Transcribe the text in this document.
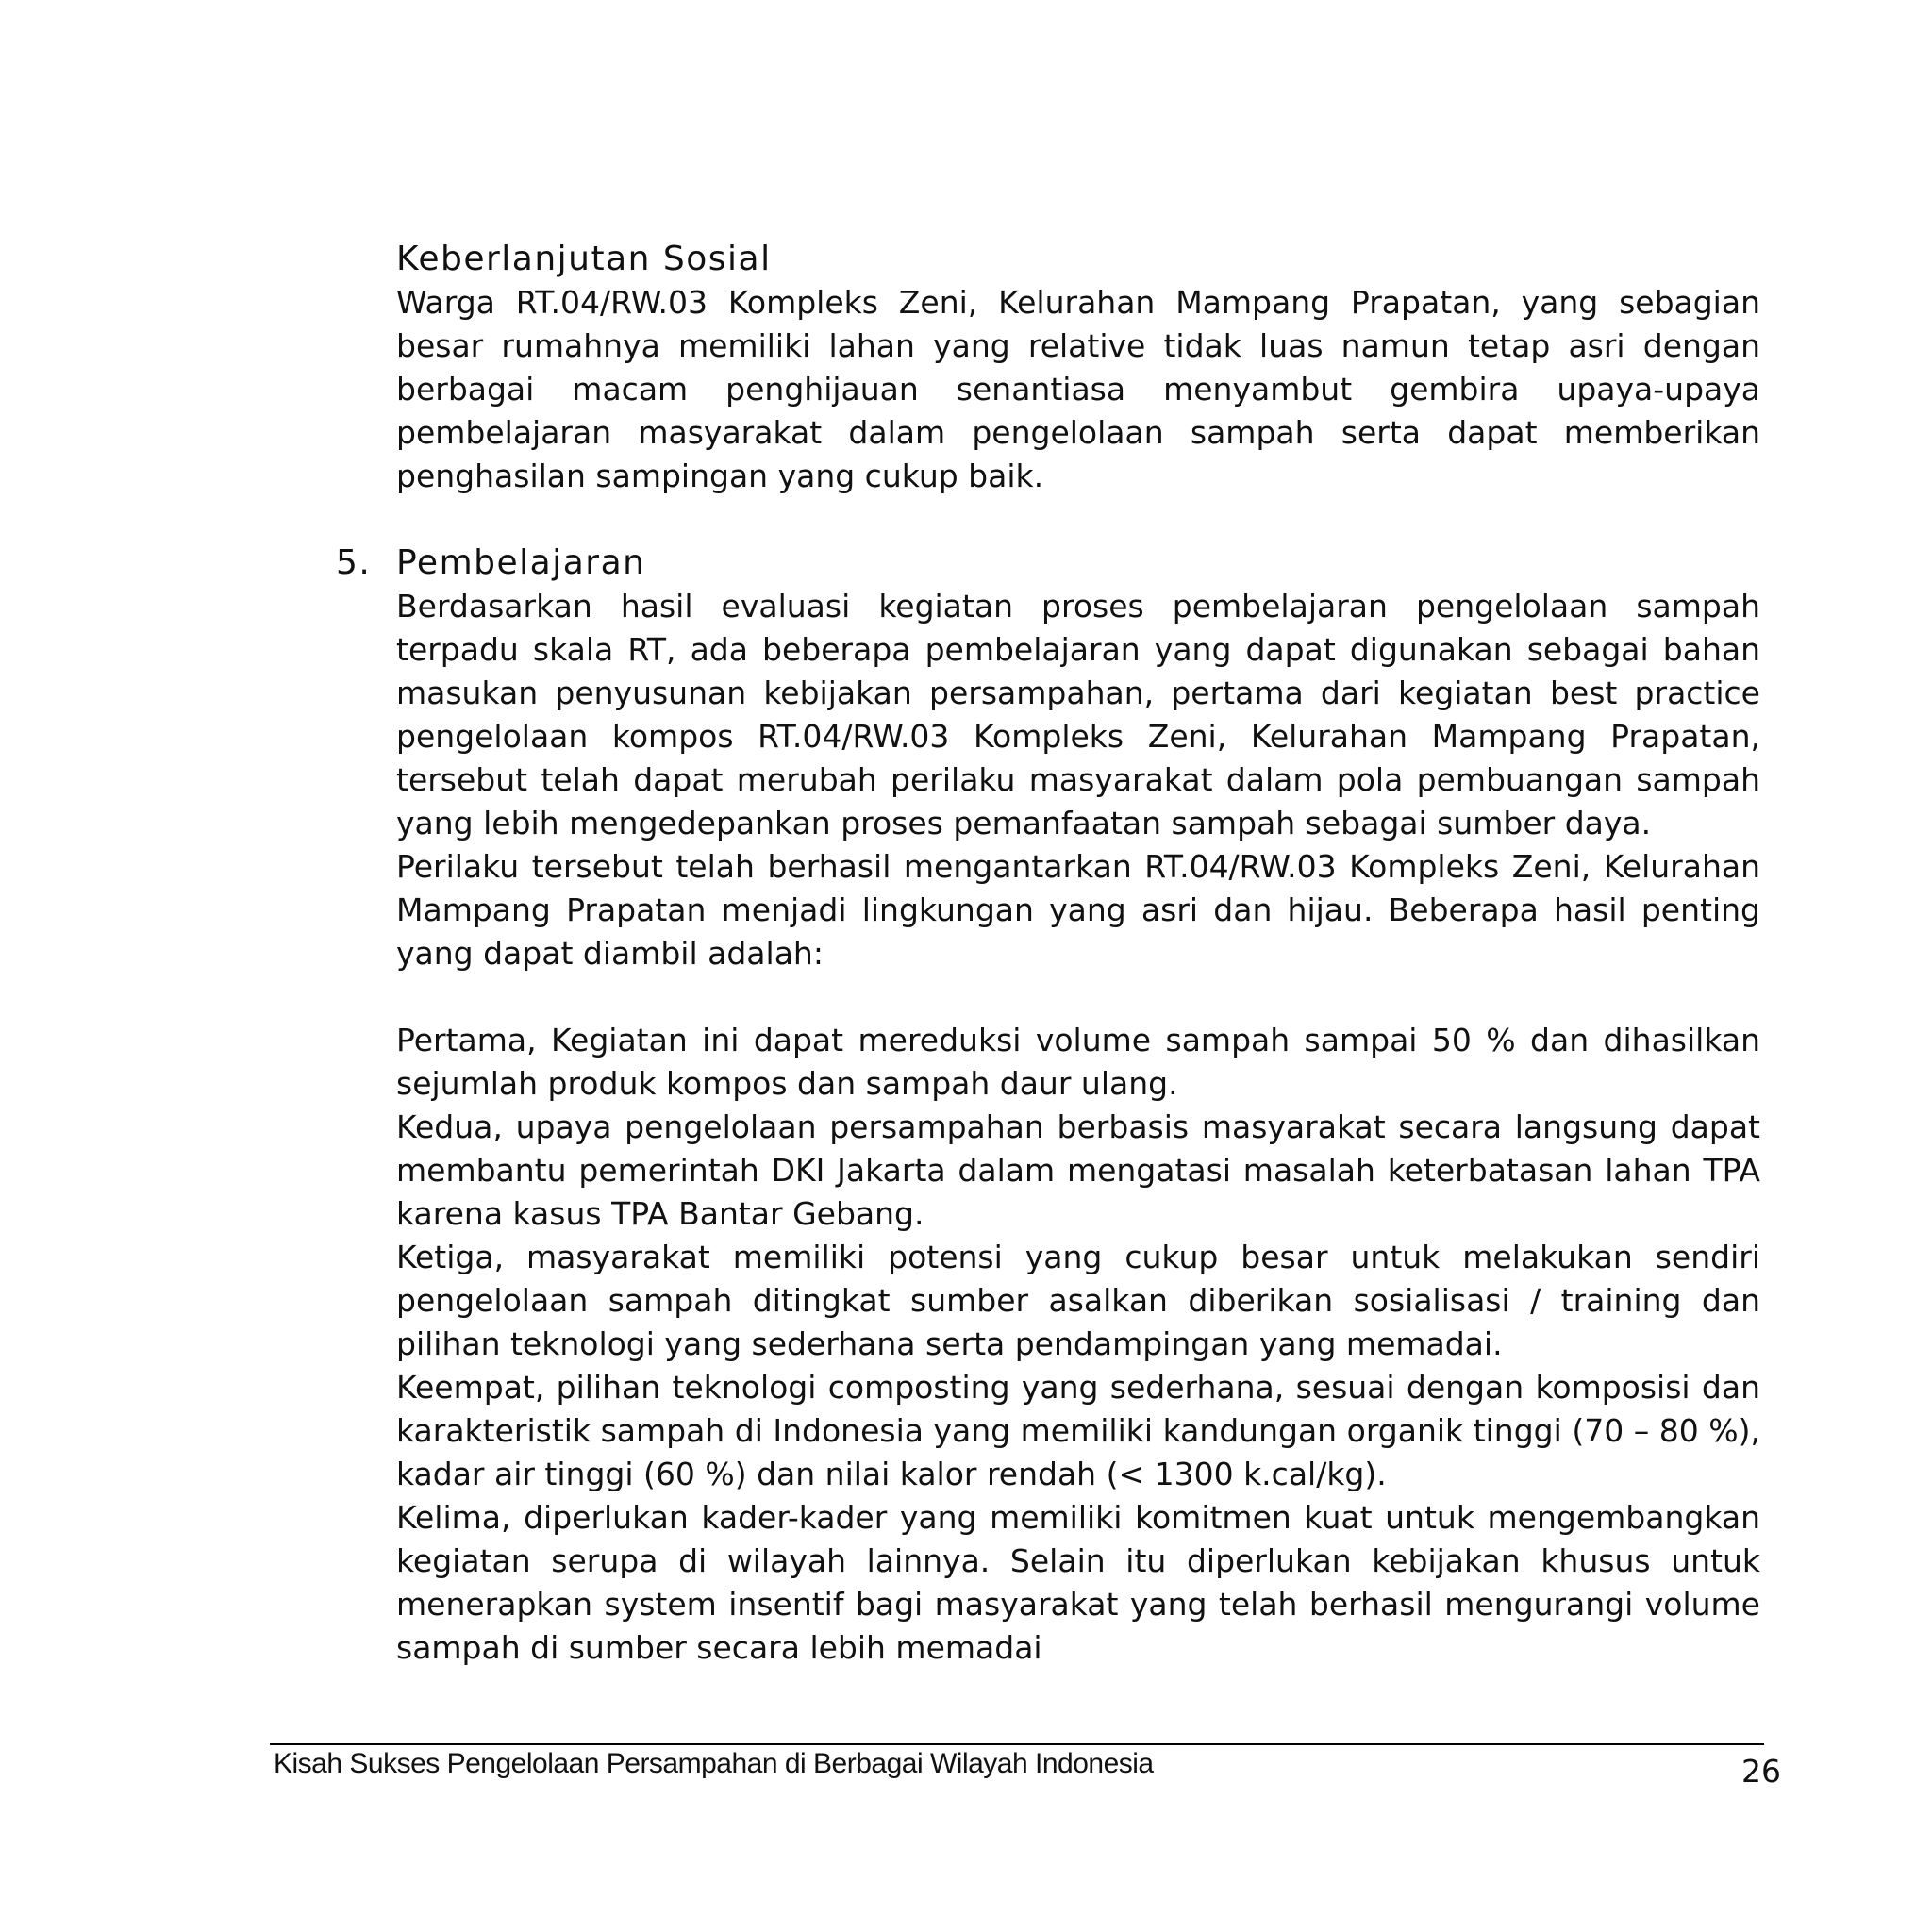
Keberlanjutan Sosial

Warga RT.04/RW.03 Kompleks Zeni, Kelurahan Mampang Prapatan, yang sebagian besar rumahnya memiliki lahan yang relative tidak luas namun tetap asri dengan berbagai macam penghijauan senantiasa menyambut gembira upaya-upaya pembelajaran masyarakat dalam pengelolaan sampah serta dapat memberikan penghasilan sampingan yang cukup baik.

5. Pembelajaran

Berdasarkan hasil evaluasi kegiatan proses pembelajaran pengelolaan sampah terpadu skala RT, ada beberapa pembelajaran yang dapat digunakan sebagai bahan masukan penyusunan kebijakan persampahan, pertama dari kegiatan best practice pengelolaan kompos RT.04/RW.03 Kompleks Zeni, Kelurahan Mampang Prapatan, tersebut telah dapat merubah perilaku masyarakat dalam pola pembuangan sampah yang lebih mengedepankan proses pemanfaatan sampah sebagai sumber daya.

Perilaku tersebut telah berhasil mengantarkan RT.04/RW.03 Kompleks Zeni, Kelurahan Mampang Prapatan menjadi lingkungan yang asri dan hijau. Beberapa hasil penting yang dapat diambil adalah:

Pertama, Kegiatan ini dapat mereduksi volume sampah sampai 50 % dan dihasilkan sejumlah produk kompos dan sampah daur ulang.

Kedua, upaya pengelolaan persampahan berbasis masyarakat secara langsung dapat membantu pemerintah DKI Jakarta dalam mengatasi masalah keterbatasan lahan TPA karena kasus TPA Bantar Gebang.

Ketiga, masyarakat memiliki potensi yang cukup besar untuk melakukan sendiri pengelolaan sampah ditingkat sumber asalkan diberikan sosialisasi / training dan pilihan teknologi yang sederhana serta pendampingan yang memadai.

Keempat, pilihan teknologi composting yang sederhana, sesuai dengan komposisi dan karakteristik sampah di Indonesia yang memiliki kandungan organik tinggi (70 – 80 %), kadar air tinggi (60 %) dan nilai kalor rendah (< 1300 k.cal/kg).

Kelima, diperlukan kader-kader yang memiliki komitmen kuat untuk mengembangkan kegiatan serupa di wilayah lainnya. Selain itu diperlukan kebijakan khusus untuk menerapkan system insentif bagi masyarakat yang telah berhasil mengurangi volume sampah di sumber secara lebih memadai

Kisah Sukses Pengelolaan Persampahan di Berbagai Wilayah Indonesia	26
